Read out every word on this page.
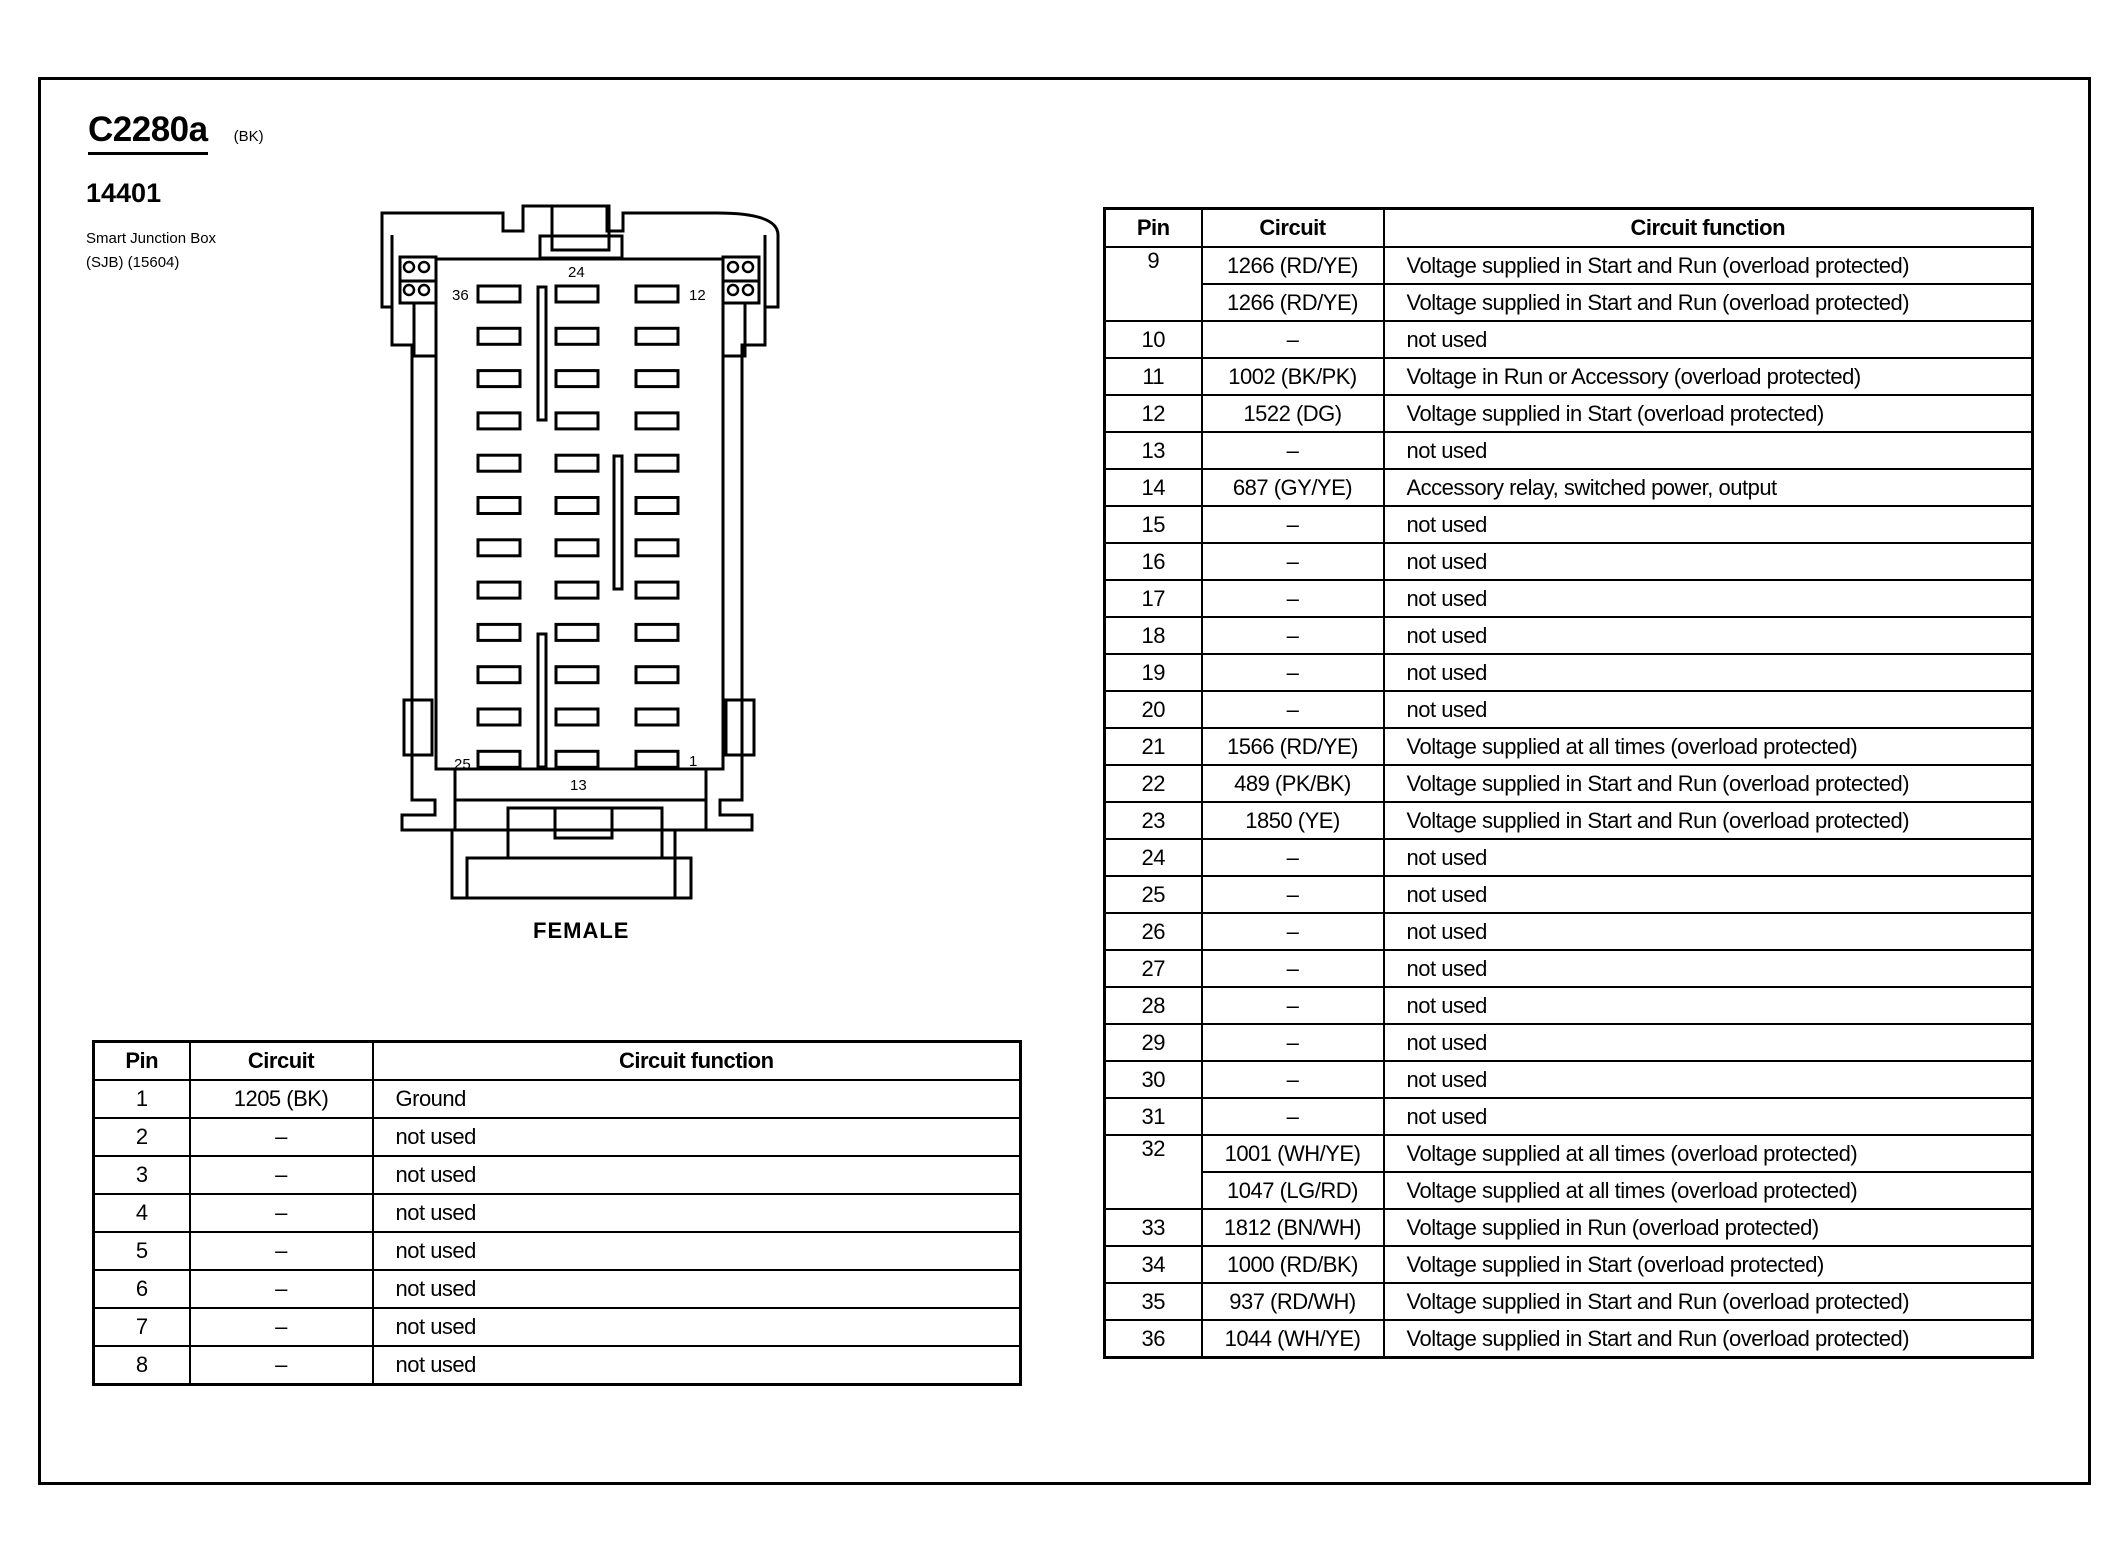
C2280a (BK)
14401
Smart Junction Box
(SJB) (15604)
36
24
12
25
13
1
FEMALE
Pin	Circuit	Circuit function
1	1205 (BK)	Ground
2	–	not used
3	–	not used
4	–	not used
5	–	not used
6	–	not used
7	–	not used
8	–	not used
Pin	Circuit	Circuit function
9	1266 (RD/YE)	Voltage supplied in Start and Run (overload protected)
	1266 (RD/YE)	Voltage supplied in Start and Run (overload protected)
10	–	not used
11	1002 (BK/PK)	Voltage in Run or Accessory (overload protected)
12	1522 (DG)	Voltage supplied in Start (overload protected)
13	–	not used
14	687 (GY/YE)	Accessory relay, switched power, output
15	–	not used
16	–	not used
17	–	not used
18	–	not used
19	–	not used
20	–	not used
21	1566 (RD/YE)	Voltage supplied at all times (overload protected)
22	489 (PK/BK)	Voltage supplied in Start and Run (overload protected)
23	1850 (YE)	Voltage supplied in Start and Run (overload protected)
24	–	not used
25	–	not used
26	–	not used
27	–	not used
28	–	not used
29	–	not used
30	–	not used
31	–	not used
32	1001 (WH/YE)	Voltage supplied at all times (overload protected)
	1047 (LG/RD)	Voltage supplied at all times (overload protected)
33	1812 (BN/WH)	Voltage supplied in Run (overload protected)
34	1000 (RD/BK)	Voltage supplied in Start (overload protected)
35	937 (RD/WH)	Voltage supplied in Start and Run (overload protected)
36	1044 (WH/YE)	Voltage supplied in Start and Run (overload protected)
